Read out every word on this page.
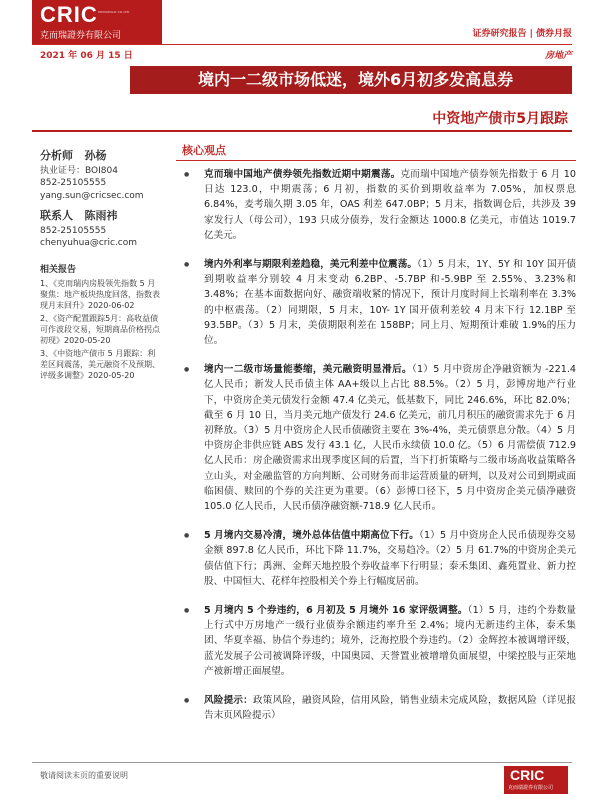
CRIC SHOUPOLD CO.LTD
克而瑞證券有限公司	证券研究报告 | 债券月报
2021 年 06 月 15 日	房地产
境内一二级市场低迷，境外6月初多发高息券
中资地产债市5月跟踪
分析师 孙杨
执业证号：BOI804
852-25105555
yang.sun@cricsec.com
联系人 陈雨祎
852-25105555
chenyuhua@cric.com
相关报告
1、《克而瑞内房股领先指数 5 月聚焦：地产板块热度回落，指数表现月末回升》2020-06-02
2、《资产配置跟踪5月：高收益债可作波段交易，短期商品价格拐点初现》2020-05-20
3、《中资地产债市 5 月跟踪：利差区间震荡，美元融资不及预期、评级多调整》2020-05-20
核心观点
● 克而瑞中国地产债券领先指数近期中期震荡。克而瑞中国地产债券领先指数于 6 月 10 日达 123.0，中期震荡；6 月初，指数的买价到期收益率为 7.05%，加权票息 6.84%，麦考瑞久期 3.05 年，OAS 利差 647.0BP；5 月末，指数调仓后，共涉及 39 家发行人（母公司），193 只成分债券，发行金额达 1000.8 亿美元，市值达 1019.7 亿美元。
● 境内外利率与期限利差趋稳，美元利差中位震荡。（1）5 月末，1Y、5Y 和 10Y 国开债到期收益率分别较 4 月末变动 6.2BP、-5.7BP 和-5.9BP 至 2.55%、3.23%和 3.48%；在基本面数据向好、融资端收紧的情况下，预计月度时间上长端利率在 3.3%的中枢震荡。（2）同期限，5 月末，10Y- 1Y 国开债利差较 4 月末下行 12.1BP 至 93.5BP。（3）5 月末，美债期限利差在 158BP；同上月、短期预计难破 1.9%的压力位。
● 境内一二级市场量能萎缩，美元融资明显滑后。（1）5 月中资房企净融资额为 -221.4 亿人民币；新发人民币债主体 AA+级以上占比 88.5%。（2）5 月，彭博房地产行业下，中资房企美元债发行金额 47.4 亿美元，低基数下，同比 246.6%，环比 82.0%；截至 6 月 10 日，当月美元地产债发行 24.6 亿美元，前几月积压的融资需求先于 6 月初释放。（3）5 月中资房企人民币债融资主要在 3%-4%，美元债票息分散。（4）5 月中资房企非供应链 ABS 发行 43.1 亿，人民币永续债 10.0 亿。（5）6 月需偿债 712.9 亿人民币：房企融资需求出现季度区间的后置，当下打折策略与二级市场高收益策略各立山头，对金融监管的方向判断、公司财务而非运营质量的研判，以及对公司到期或面临困债、赎回的个券的关注更为重要。（6）彭博口径下，5 月中资房企美元债净融资 105.0 亿人民币，人民币债净融资额-718.9 亿人民币。
● 5 月境内交易冷清，境外总体估值中期高位下行。（1）5 月中资房企人民币债现券交易金额 897.8 亿人民币，环比下降 11.7%，交易趋冷。（2）5 月 61.7%的中资房企美元债估值下行；禹洲、金辉天地控股个券收益率下行明显；泰禾集团、鑫苑置业、新力控股、中国恒大、花样年控股相关个券上行幅度居前。
● 5 月境内 5 个券违约，6 月初及 5 月境外 16 家评级调整。（1）5 月，违约个券数量上行式中万房地产一级行业债券余额违约率升至 2.4%；境内无新违约主体，泰禾集团、华夏幸福、协信个券违约；境外，泛海控股个券违约。（2）金辉控本被调增评级，蓝光发展子公司被调降评级，中国奥园、天誉置业被增增负面展望，中梁控股与正荣地产被新增正面展望。
● 风险提示：政策风险，融资风险，信用风险，销售业绩未完成风险，数据风险（详见报告末页风险提示）
敬请阅读末页的重要说明	CRIC
克而瑞證券有限公司
